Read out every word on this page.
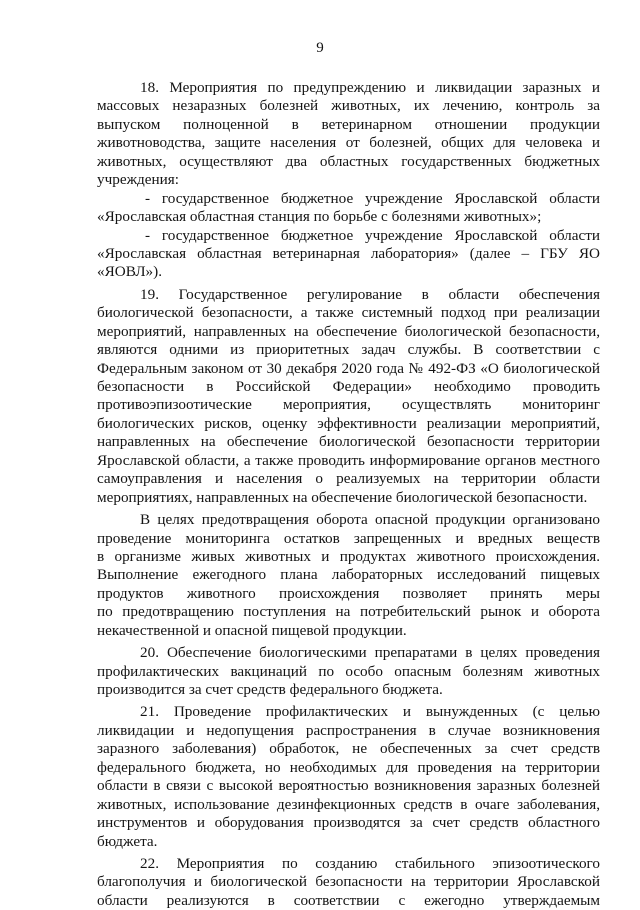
9
18. Мероприятия по предупреждению и ликвидации заразных и
массовых незаразных болезней животных, их лечению, контроль за
выпуском полноценной в ветеринарном отношении продукции
животноводства, защите населения от болезней, общих для человека и
животных, осуществляют два областных государственных бюджетных
учреждения:
- государственное бюджетное учреждение Ярославской области
«Ярославская областная станция по борьбе с болезнями животных»;
- государственное бюджетное учреждение Ярославской области
«Ярославская областная ветеринарная лаборатория» (далее – ГБУ ЯО
«ЯОВЛ»).
19. Государственное регулирование в области обеспечения
биологической безопасности, а также системный подход при реализации
мероприятий, направленных на обеспечение биологической безопасности,
являются одними из приоритетных задач службы. В соответствии с
Федеральным законом от 30 декабря 2020 года № 492-ФЗ «О биологической
безопасности в Российской Федерации» необходимо проводить
противоэпизоотические мероприятия, осуществлять мониторинг
биологических рисков, оценку эффективности реализации мероприятий,
направленных на обеспечение биологической безопасности территории
Ярославской области, а также проводить информирование органов местного
самоуправления и населения о реализуемых на территории области
мероприятиях, направленных на обеспечение биологической безопасности.
В целях предотвращения оборота опасной продукции организовано
проведение мониторинга остатков запрещенных и вредных веществ
в организме живых животных и продуктах животного происхождения.
Выполнение ежегодного плана лабораторных исследований пищевых
продуктов животного происхождения позволяет принять меры
по предотвращению поступления на потребительский рынок и оборота
некачественной и опасной пищевой продукции.
20. Обеспечение биологическими препаратами в целях проведения
профилактических вакцинаций по особо опасным болезням животных
производится за счет средств федерального бюджета.
21. Проведение профилактических и вынужденных (с целью
ликвидации и недопущения распространения в случае возникновения
заразного заболевания) обработок, не обеспеченных за счет средств
федерального бюджета, но необходимых для проведения на территории
области в связи с высокой вероятностью возникновения заразных болезней
животных, использование дезинфекционных средств в очаге заболевания,
инструментов и оборудования производятся за счет средств областного
бюджета.
22. Мероприятия по созданию стабильного эпизоотического
благополучия и биологической безопасности на территории Ярославской
области реализуются в соответствии с ежегодно утверждаемым
